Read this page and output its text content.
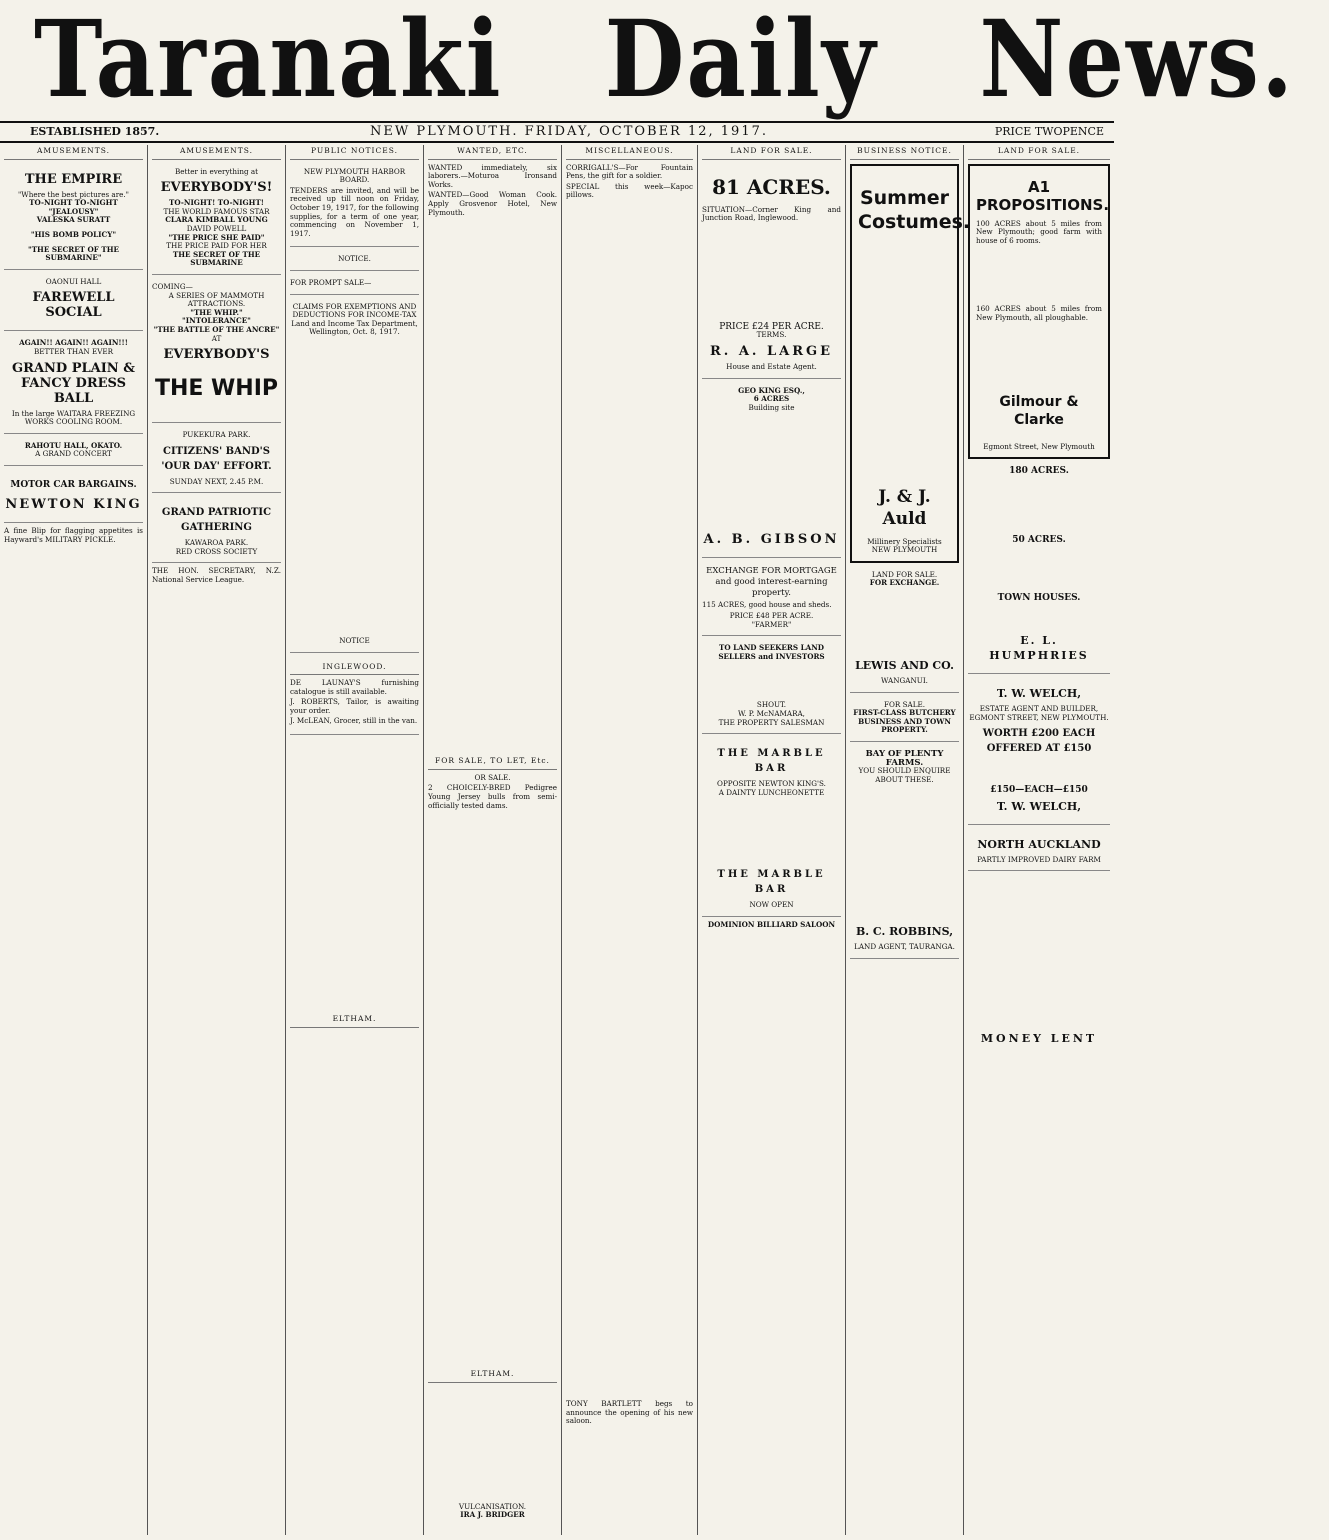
Taranaki Daily News.
ESTABLISHED 1857.	NEW PLYMOUTH. FRIDAY, OCTOBER 12, 1917.	PRICE TWOPENCE
AMUSEMENTS.
THE EMPIRE
"Where the best pictures are."
TO-NIGHT TO-NIGHT
"JEALOUSY"
VALESKA SURATT
"HIS BOMB POLICY"
"THE SECRET OF THE SUBMARINE"
OAONUI HALL
FAREWELL SOCIAL
AGAIN!! AGAIN!! AGAIN!!!
BETTER THAN EVER
GRAND PLAIN & FANCY DRESS BALL
In the large WAITARA FREEZING WORKS COOLING ROOM.
RAHOTU HALL, OKATO.
A GRAND CONCERT
MOTOR CAR BARGAINS.
NEWTON KING

A fine Blip for flagging appetites is Hayward's MILITARY PICKLE.

AMUSEMENTS.
Better in everything at
EVERYBODY'S!
TO-NIGHT! TO-NIGHT!
THE WORLD FAMOUS STAR
CLARA KIMBALL YOUNG
DAVID POWELL
"THE PRICE SHE PAID"
THE PRICE PAID FOR HER
THE SECRET OF THE SUBMARINE
COMING—
A SERIES OF MAMMOTH ATTRACTIONS.
"THE WHIP."
"INTOLERANCE"
"THE BATTLE OF THE ANCRE"
AT
EVERYBODY'S
THE WHIP
PUKEKURA PARK.
CITIZENS' BAND'S 'OUR DAY' EFFORT.
SUNDAY NEXT, 2.45 P.M.
GRAND PATRIOTIC GATHERING
KAWAROA PARK.
RED CROSS SOCIETY

THE HON. SECRETARY, N.Z. National Service League.

PUBLIC NOTICES.
NEW PLYMOUTH HARBOR BOARD.

TENDERS are invited, and will be received up till noon on Friday, October 19, 1917, for the following supplies, for a term of one year, commencing on November 1, 1917.

NOTICE.
FOR PROMPT SALE—
CLAIMS FOR EXEMPTIONS AND DEDUCTIONS FOR INCOME-TAX
Land and Income Tax Department, Wellington, Oct. 8, 1917.
NOTICE
INGLEWOOD.

DE LAUNAY'S furnishing catalogue is still available.

J. ROBERTS, Tailor, is awaiting your order.

J. McLEAN, Grocer, still in the van.

ELTHAM.
WANTED, ETC.

WANTED immediately, six laborers.—Moturoa Ironsand Works.

WANTED—Good Woman Cook. Apply Grosvenor Hotel, New Plymouth.

FOR SALE, TO LET, Etc.
OR SALE.

2 CHOICELY-BRED Pedigree Young Jersey bulls from semi-officially tested dams.

ELTHAM.
VULCANISATION.
IRA J. BRIDGER
MISCELLANEOUS.

CORRIGALL'S—For Fountain Pens, the gift for a soldier.

SPECIAL this week—Kapoc pillows.

TONY BARTLETT begs to announce the opening of his new saloon.

LAND FOR SALE.
81 ACRES.

SITUATION—Corner King and Junction Road, Inglewood.

PRICE £24 PER ACRE.
TERMS.
R. A. LARGE
House and Estate Agent.
GEO KING ESQ.,
6 ACRES
Building site
A. B. GIBSON
EXCHANGE FOR MORTGAGE and good interest-earning property.

115 ACRES, good house and sheds.

PRICE £48 PER ACRE.
"FARMER"
TO LAND SEEKERS LAND SELLERS and INVESTORS
SHOUT.
W. P. McNAMARA,
THE PROPERTY SALESMAN
THE MARBLE BAR
OPPOSITE NEWTON KING'S.
A DAINTY LUNCHEONETTE
THE MARBLE BAR
NOW OPEN
DOMINION BILLIARD SALOON
BUSINESS NOTICE.
Summer Costumes.
J. & J. Auld
Millinery Specialists NEW PLYMOUTH
LAND FOR SALE.
FOR EXCHANGE.
LEWIS AND CO.
WANGANUI.
FOR SALE.
FIRST-CLASS BUTCHERY BUSINESS AND TOWN PROPERTY.
BAY OF PLENTY FARMS.
YOU SHOULD ENQUIRE ABOUT THESE.
B. C. ROBBINS,
LAND AGENT, TAURANGA.
LAND FOR SALE.
A1 PROPOSITIONS.

100 ACRES about 5 miles from New Plymouth; good farm with house of 6 rooms.

160 ACRES about 5 miles from New Plymouth, all ploughable.

Gilmour & Clarke
Egmont Street, New Plymouth
180 ACRES.
50 ACRES.
TOWN HOUSES.
E. L. HUMPHRIES
T. W. WELCH,
ESTATE AGENT AND BUILDER, EGMONT STREET, NEW PLYMOUTH.
WORTH £200 EACH OFFERED AT £150
£150—EACH—£150
T. W. WELCH,
NORTH AUCKLAND
PARTLY IMPROVED DAIRY FARM
MONEY LENT
